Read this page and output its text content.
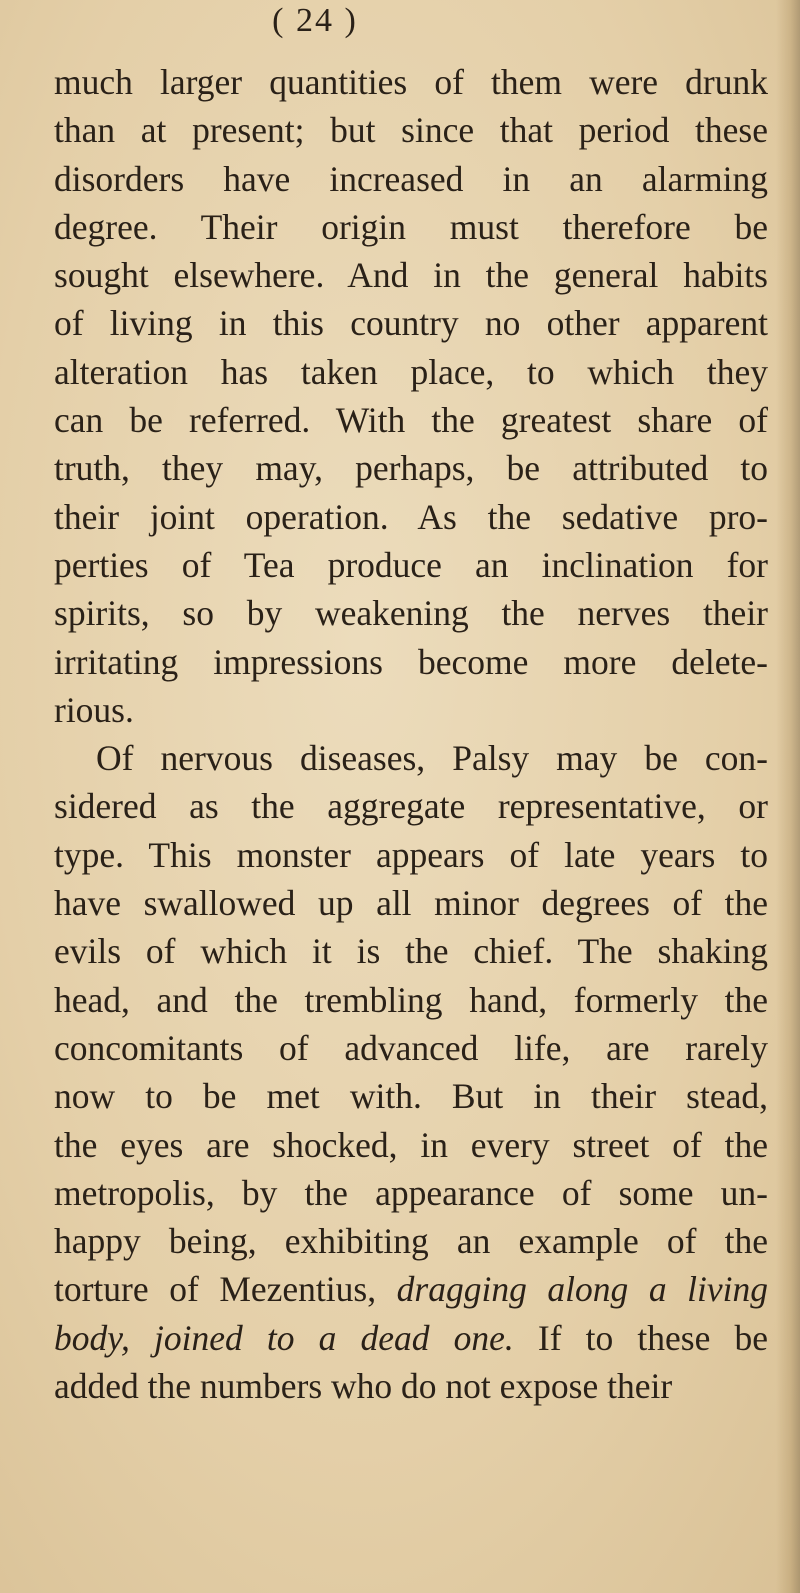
( 24 )
much larger quantities of them were drunk
than at present; but since that period these
disorders have increased in an alarming
degree. Their origin must therefore be
sought elsewhere. And in the general habits
of living in this country no other apparent
alteration has taken place, to which they
can be referred. With the greatest share of
truth, they may, perhaps, be attributed to
their joint operation. As the sedative pro-
perties of Tea produce an inclination for
spirits, so by weakening the nerves their
irritating impressions become more delete-
rious.
Of nervous diseases, Palsy may be con-
sidered as the aggregate representative, or
type. This monster appears of late years to
have swallowed up all minor degrees of the
evils of which it is the chief. The shaking
head, and the trembling hand, formerly the
concomitants of advanced life, are rarely
now to be met with. But in their stead,
the eyes are shocked, in every street of the
metropolis, by the appearance of some un-
happy being, exhibiting an example of the
torture of Mezentius, dragging along a living
body, joined to a dead one. If to these be
added the numbers who do not expose their
